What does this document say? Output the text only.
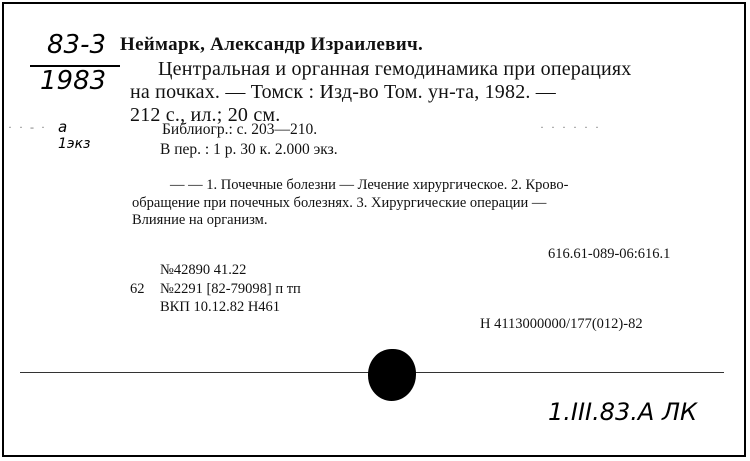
83-3
1983
Неймарк, Александр Израилевич.
Центральная и органная гемодинамика при операциях
на почках. — Томск : Изд-во Том. ун-та, 1982. —
212 с., ил.; 20 см.
a
1экз
· · - ·	· · · · · ·
Библиогр.: с. 203—210.
В пер. : 1 р. 30 к. 2.000 экз.
— — 1. Почечные болезни — Лечение хирургическое. 2. Крово-
обращение при почечных болезнях. 3. Хирургические операции —
Влияние на организм.
616.61-089-06:616.1
№42890 41.22
62 №2291 [82-79098] п тп
ВКП 10.12.82 Н461
Н 4113000000/177(012)-82
1.III.83.A ЛК
